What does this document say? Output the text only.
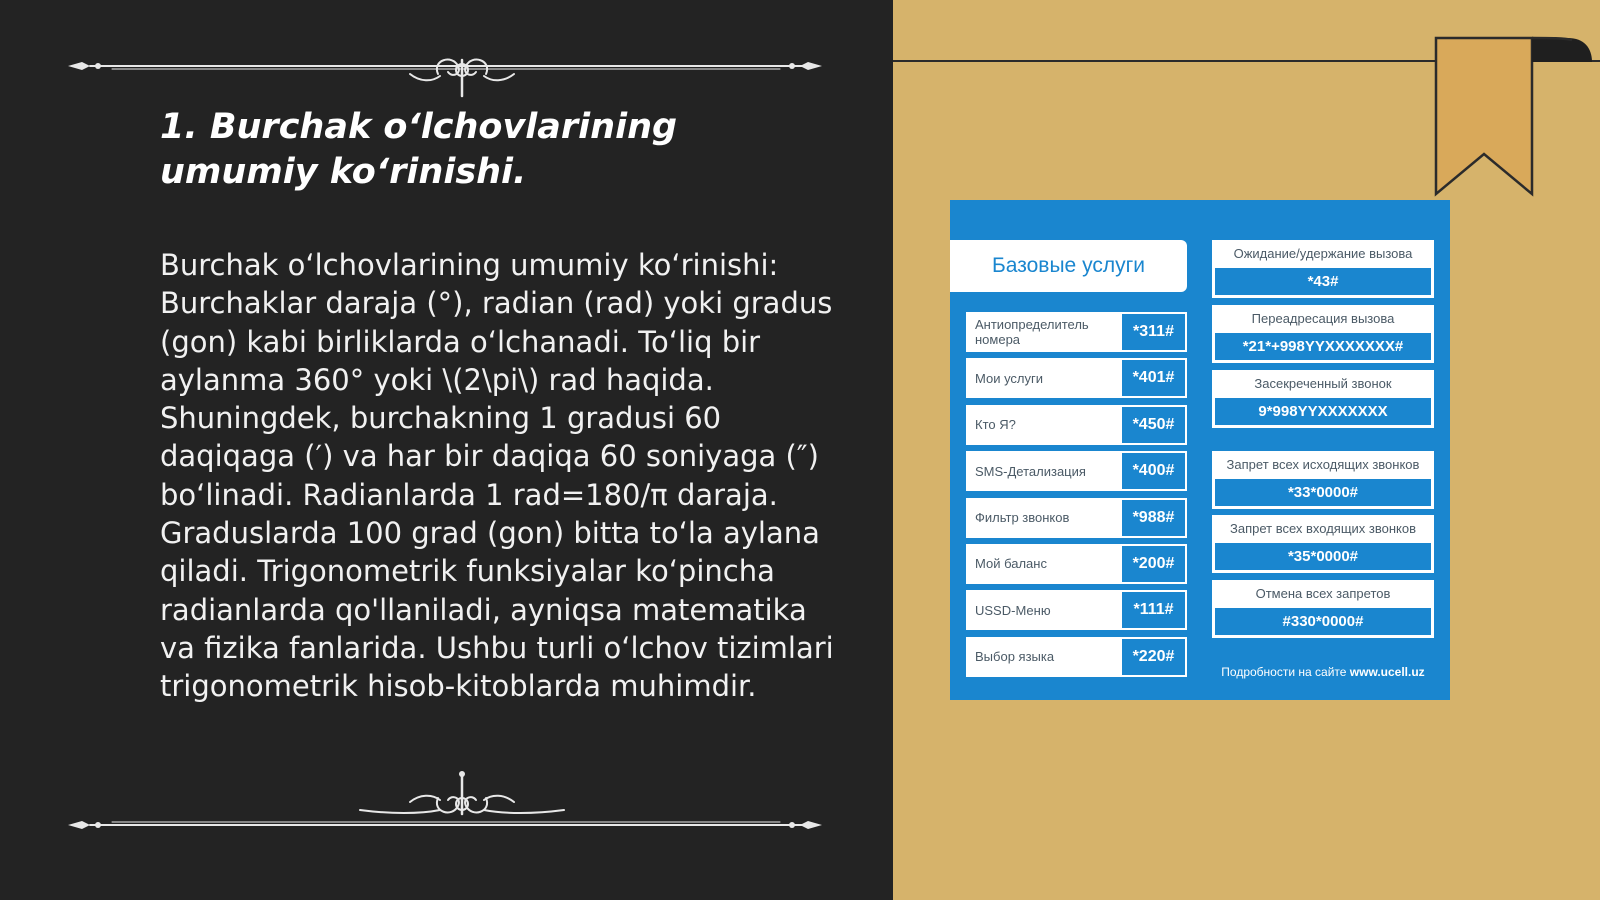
1. Burchak o‘lchovlarining umumiy ko‘rinishi.

Burchak o‘lchovlarining umumiy ko‘rinishi: Burchaklar daraja (°), radian (rad) yoki gradus (gon) kabi birliklarda o‘lchanadi. To‘liq bir aylanma 360° yoki \(2\pi\) rad haqida. Shuningdek, burchakning 1 gradusi 60 daqiqaga (′) va har bir daqiqa 60 soniyaga (″) bo‘linadi. Radianlarda 1 rad=180/π daraja. Graduslarda 100 grad (gon) bitta to‘la aylana qiladi. Trigonometrik funksiyalar ko‘pincha radianlarda qo'llaniladi, ayniqsa matematika va fizika fanlarida. Ushbu turli o‘lchov tizimlari trigonometrik hisob-kitoblarda muhimdir.

Базовые услуги
Антиопределитель номера	*311#
Мои услуги	*401#
Кто Я?	*450#
SMS-Детализация	*400#
Фильтр звонков	*988#
Мой баланс	*200#
USSD-Меню	*111#
Выбор языка	*220#
Ожидание/удержание вызова
*43#
Переадресация вызова
*21*+998YYXXXXXXX#
Засекреченный звонок
9*998YYXXXXXXX
Запрет всех исходящих звонков
*33*0000#
Запрет всех входящих звонков
*35*0000#
Отмена всех запретов
#330*0000#
Подробности на сайте www.ucell.uz
